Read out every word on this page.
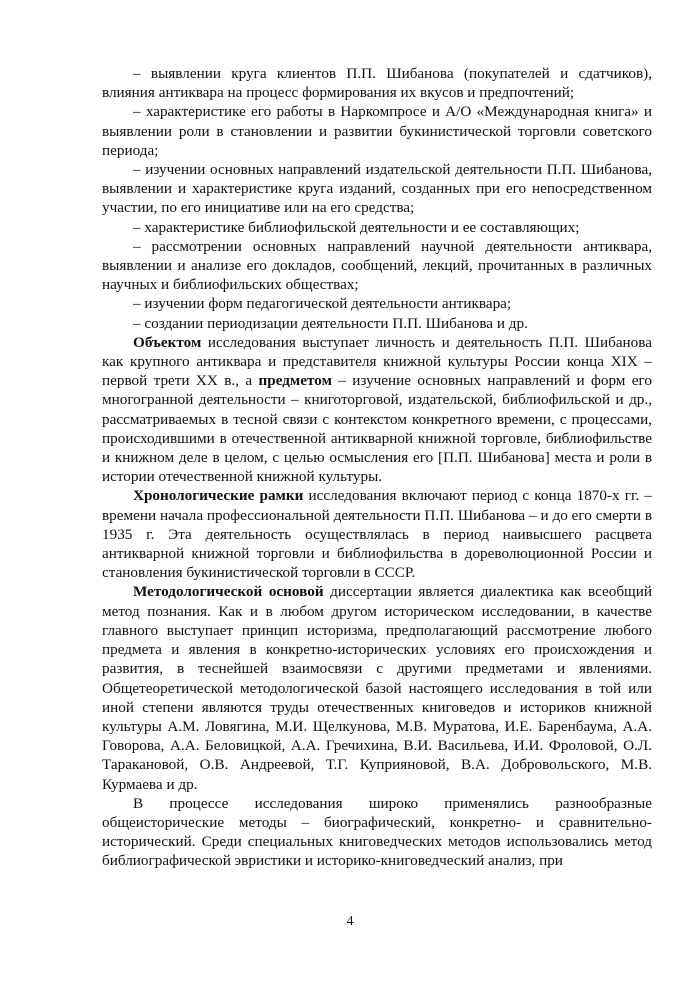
– выявлении круга клиентов П.П. Шибанова (покупателей и сдатчиков), влияния антиквара на процесс формирования их вкусов и предпочтений;

– характеристике его работы в Наркомпросе и А/О «Международная книга» и выявлении роли в становлении и развитии букинистической торговли советского периода;

– изучении основных направлений издательской деятельности П.П. Шибанова, выявлении и характеристике круга изданий, созданных при его непосредственном участии, по его инициативе или на его средства;

– характеристике библиофильской деятельности и ее составляющих;

– рассмотрении основных направлений научной деятельности антиквара, выявлении и анализе его докладов, сообщений, лекций, прочитанных в различных научных и библиофильских обществах;

– изучении форм педагогической деятельности антиквара;

– создании периодизации деятельности П.П. Шибанова и др.

Объектом исследования выступает личность и деятельность П.П. Шибанова как крупного антиквара и представителя книжной культуры России конца XIX – первой трети XX в., а предметом – изучение основных направлений и форм его многогранной деятельности – книготорговой, издательской, библиофильской и др., рассматриваемых в тесной связи с контекстом конкретного времени, с процессами, происходившими в отечественной антикварной книжной торговле, библиофильстве и книжном деле в целом, с целью осмысления его [П.П. Шибанова] места и роли в истории отечественной книжной культуры.

Хронологические рамки исследования включают период с конца 1870-х гг. – времени начала профессиональной деятельности П.П. Шибанова – и до его смерти в 1935 г. Эта деятельность осуществлялась в период наивысшего расцвета антикварной книжной торговли и библиофильства в дореволюционной России и становления букинистической торговли в СССР.

Методологической основой диссертации является диалектика как всеобщий метод познания. Как и в любом другом историческом исследовании, в качестве главного выступает принцип историзма, предполагающий рассмотрение любого предмета и явления в конкретно-исторических условиях его происхождения и развития, в теснейшей взаимосвязи с другими предметами и явлениями. Общетеоретической методологической базой настоящего исследования в той или иной степени являются труды отечественных книговедов и историков книжной культуры А.М. Ловягина, М.И. Щелкунова, М.В. Муратова, И.Е. Баренбаума, А.А. Говорова, А.А. Беловицкой, А.А. Гречихина, В.И. Васильева, И.И. Фроловой, О.Л. Таракановой, О.В. Андреевой, Т.Г. Куприяновой, В.А. Добровольского, М.В. Курмаева и др.

В процессе исследования широко применялись разнообразные общеисторические методы – биографический, конкретно- и сравнительно-исторический. Среди специальных книговедческих методов использовались метод библиографической эвристики и историко-книговедческий анализ, при

4
